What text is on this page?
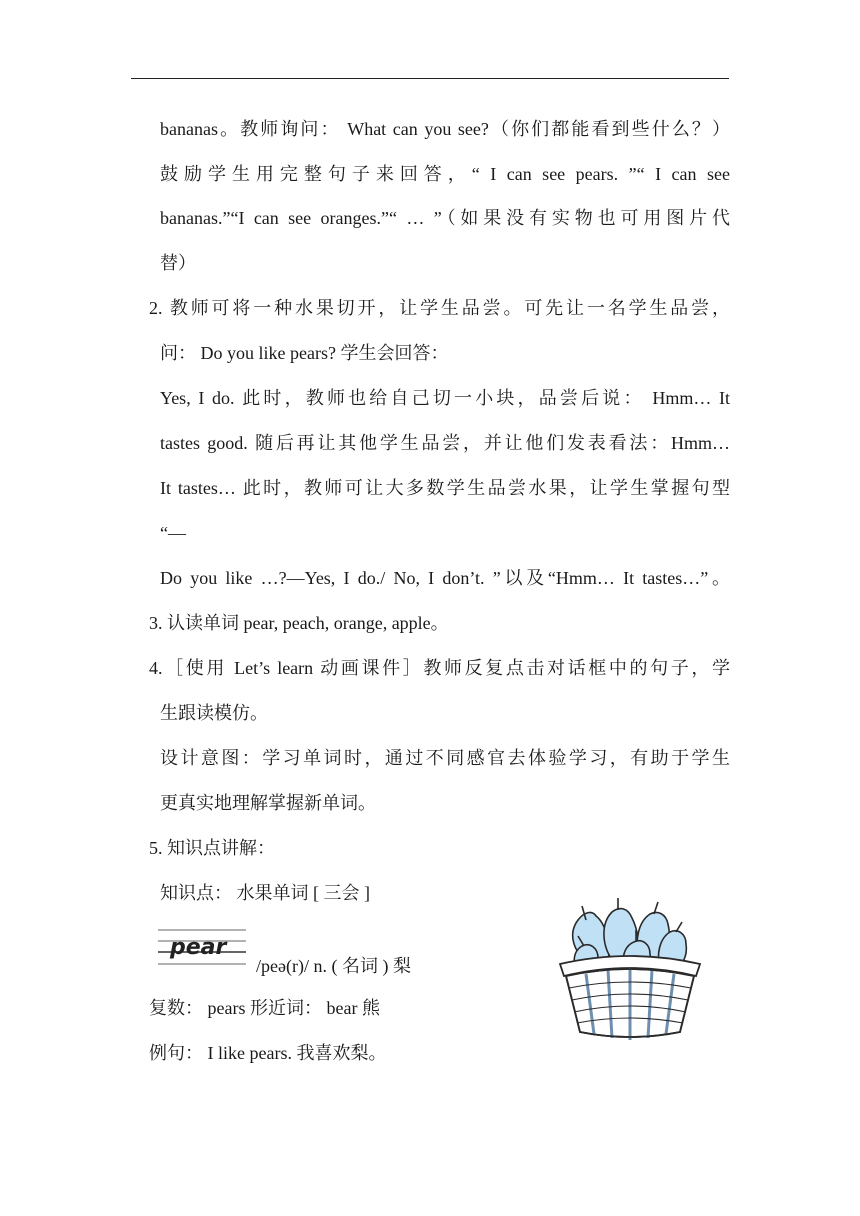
bananas。教师询问： What can you see?（你们都能看到些什么？）
鼓励学生用完整句子来回答，“ I can see pears. ”“ I can see
bananas.”“I can see oranges.”“ … ”（如果没有实物也可用图片代
替）
2. 教师可将一种水果切开，让学生品尝。可先让一名学生品尝，
问： Do you like pears? 学生会回答：
Yes, I do. 此时，教师也给自己切一小块，品尝后说： Hmm… It
tastes good. 随后再让其他学生品尝，并让他们发表看法：Hmm…
It tastes… 此时，教师可让大多数学生品尝水果，让学生掌握句型
“—
Do you like …?—Yes, I do./ No, I don’t. ”以及“Hmm… It tastes…”。
3. 认读单词 pear, peach, orange, apple。
4.［使用 Let’s learn 动画课件］教师反复点击对话框中的句子，学
生跟读模仿。
设计意图：学习单词时，通过不同感官去体验学习，有助于学生
更真实地理解掌握新单词。
5. 知识点讲解：
知识点： 水果单词 [ 三会 ]
pear
/peə(r)/ n. ( 名词 ) 梨
复数： pears 形近词： bear 熊
例句： I like pears. 我喜欢梨。
